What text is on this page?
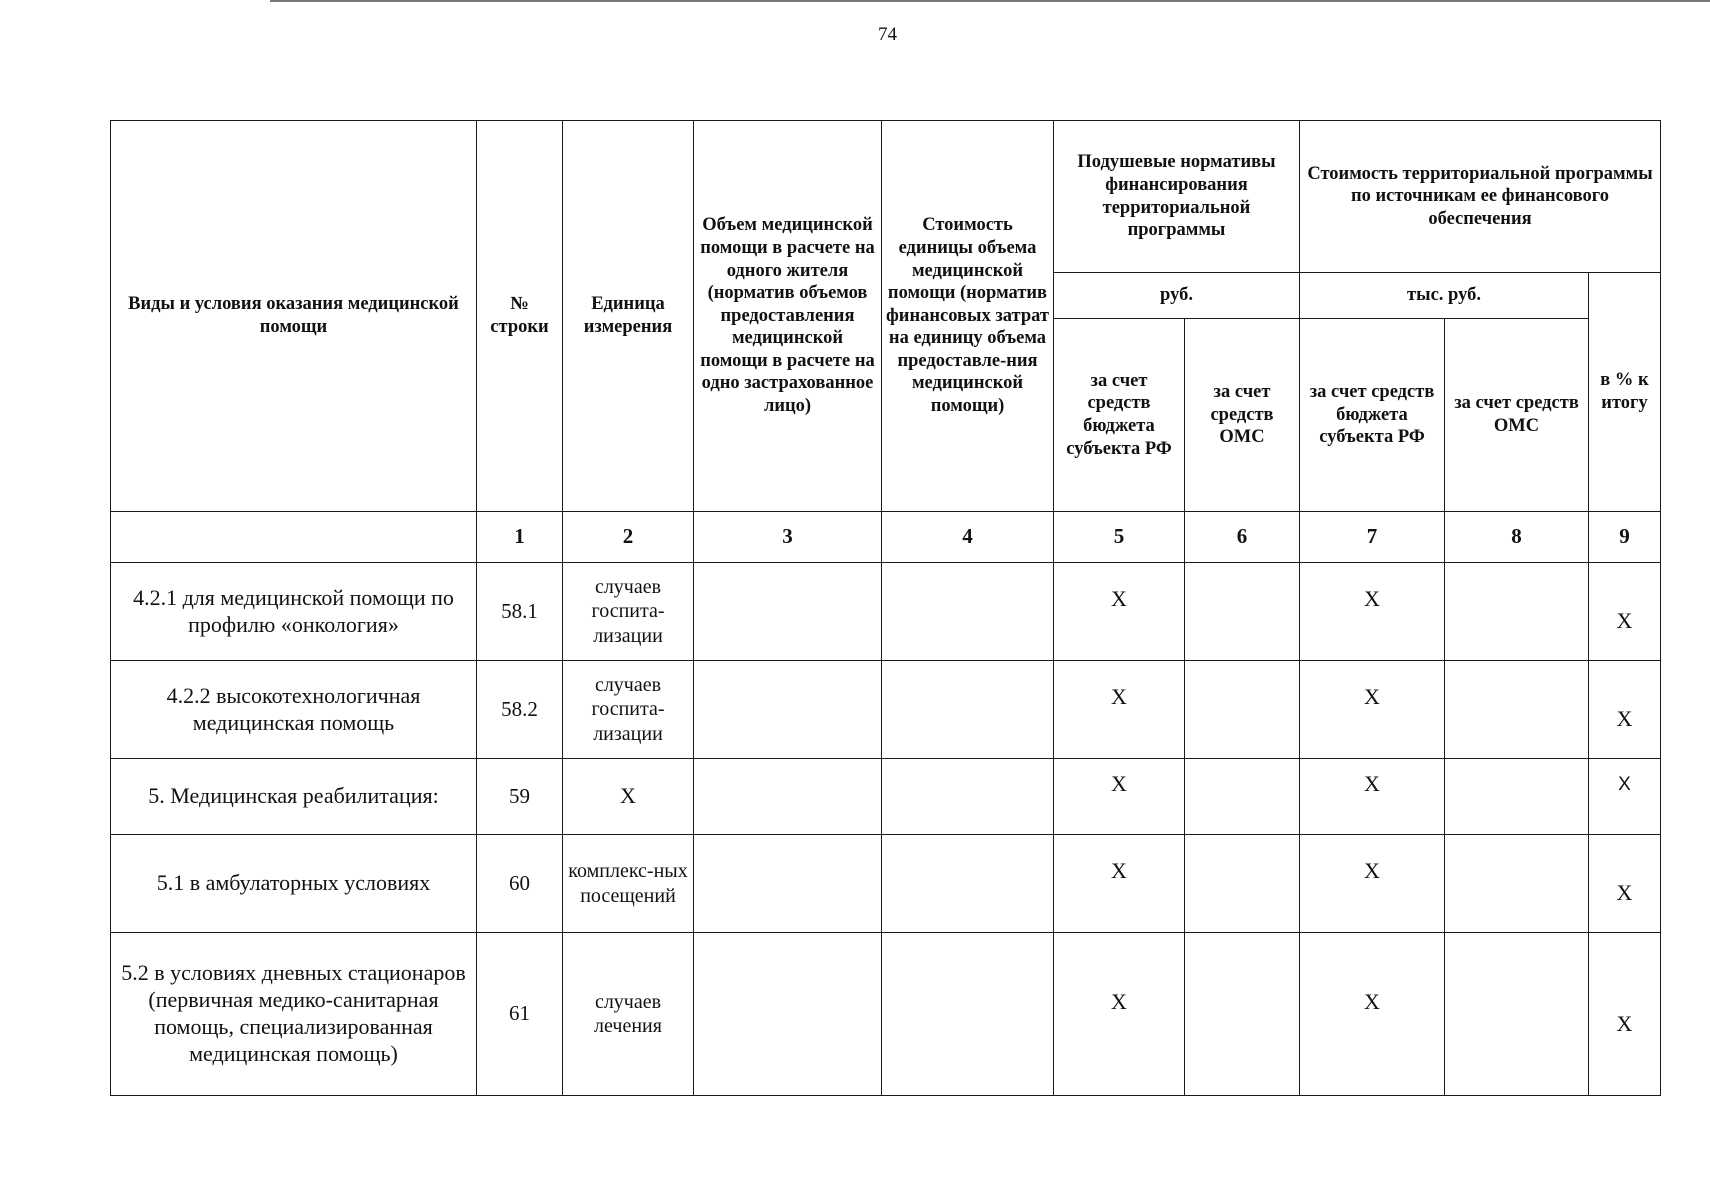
74
Виды и условия оказания медицинской помощи	№ строки	Единица измерения	Объем медицинской помощи в расчете на одного жителя (норматив объемов предоставления медицинской помощи в расчете на одно застрахованное лицо)	Стоимость единицы объема медицинской помощи (норматив финансовых затрат на единицу объема предоставле-ния медицинской помощи)	Подушевые нормативы финансирования территориальной программы		Стоимость территориальной программы по источникам ее финансового обеспечения		
					руб.		тыс. руб.		в % к итогу
					за счет средств бюджета субъекта РФ	за счет средств ОМС	за счет средств бюджета субъекта РФ	за счет средств ОМС	
	1	2	3	4	5	6	7	8	9
4.2.1 для медицинской помощи по профилю «онкология»	58.1	случаев госпита-лизации			X		X		X
4.2.2 высокотехнологичная медицинская помощь	58.2	случаев госпита-лизации			X		X		X
5. Медицинская реабилитация:	59	X			X		X		X
5.1 в амбулаторных условиях	60	комплекс-ных посещений			X		X		X
5.2 в условиях дневных стационаров (первичная медико-санитарная помощь, специализированная медицинская помощь)	61	случаев лечения			X		X		X
